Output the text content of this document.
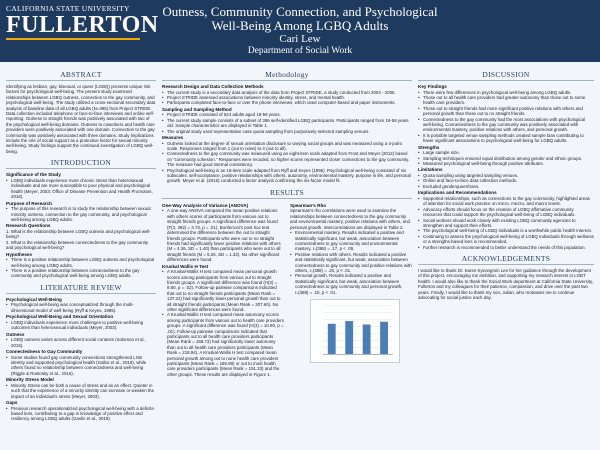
CALIFORNIA STATE UNIVERSITY
FULLERTON
Outness, Community Connection, and Psychological Well-Being Among LGBQ Adults
Cari Lew
Department of Social Work
ABSTRACT
Identifying as lesbian, gay, bisexual, or queer (LGBQ) presents unique risk factors for psychological well-being. The present study examined relationships between LGBQ outness, connection to the gay community, and psychological well-being. The study utilized a cross-sectional secondary data analysis of baseline data of all LGBQ adults (N=396) from Project STRIDE. Data collection included telephone or face-to-face interviews and online self-reporting. Outness to straight friends was positively associated with two of the psychological well-being domains. Outness to coworkers and health care providers were positively associated with one domain. Connection to the gay community was positively associated with three domains. Study implications include the role of social support as a protective factor for sexual minority well-being. Study findings support the continued investigation of LGBQ well-being.
INTRODUCTION
Significance of the Study
• LGBQ individuals experience more chronic stress than heterosexual individuals and are more susceptible to poor physical and psychological health (Meyer, 2003; Office of Disease Prevention and Health Promotion, 2016).
Purpose of Research
• The purpose of this research is to study the relationship between sexual minority outness, connection to the gay community, and psychological well-being among LGBQ adults.
Research Questions
1. What is the relationship between LGBQ outness and psychological well-being?
2. What is the relationship between connectedness to the gay community and psychological well-being?
Hypotheses
• There is a positive relationship between LGBQ outness and psychological well-being among LGBQ adults.
• There is a positive relationship between connectedness to the gay community and psychological well-being among LGBQ adults.
LITERATURE REVIEW
Psychological Well-Being
• Psychological well-being was conceptualized through the multi-dimensional model of well-being (Ryff & Keyes, 1995).
Psychological Well-Being and Sexual Orientation
• LGBQ individuals experience more challenges to positive well-being outcomes than heterosexual individuals (Meyer, 2003).
Outness
• LGBQ outness varies across different social contexts (Solomon et al., 2015).
Connectedness to Gay Community
• Some studies found gay community connections strengthened LGB identity and supported psychological health (Gallor et al., 2019), while others found no relationship between connectedness and well-being (Riggle & Rostosky et al., 2016).
Minority Stress Model
• Minority Stress can be both a cause of stress and as an effect. Quieter in such that the experience of a minority identity can increase or weaken the impact of an individual's stress (Meyer, 2003).
Gaps
• Previous research operationalized psychological well-being with a deficits-based lens, contributing to a gap in knowledge of positive effect and resiliency among LGBQ adults (Gaslin et al., 2019).
Methodology
Research Design and Data Collection Methods
• The current study is a secondary data analysis of the data from Project STRIDE, a study conducted from 2004 - 2005.
• Project STRIDE assessed associations between minority identity, stress, and mental health.
• Participants completed face-to-face or over the phone interviews, which used computer-based and paper instruments.
Sampling and Sampling Method
• Project STRIDE consisted of 524 adults aged 18-59 years.
• The current study sample consists of a subset of 396 self-identified LGBQ participants. Participants ranged from 18-58 years old. Sample characteristics are displayed in Table 1.
• The original study used representative case quota sampling from purposively-selected sampling venues.
Measures
• Outness looked at the degree of sexual orientation disclosure to varying social groups and was measured using a 4-point scale. Responses ranged from 1 (out to none) to 4 (out to all).
• Connectedness to the gay community was measured using an eight-item scale adapted from Frost and Meyer (2012) based on "community cohesion." Responses were recoded, so higher scores represented closer connections to the gay community. The measure had good internal consistency.
• Psychological well-being is an 18-item scale adapted from Ryff and Keyes (1995). Psychological well-being consisted of six subscales: self-acceptance, positive relationships with others, autonomy, environmental mastery, purpose in life, and personal growth. Meyer et al. (2016) conducted a factor analysis confirming the six-factor model fit.
RESULTS
One-Way Analysis of Variance (ANOVA)
• A one-way ANOVA compared the mean positive relations with others scores of participants from various out to straight friends groups. A significant difference was found (F(3, 392) = 3.73, p = .01). Bonferroni's post hoc test determined the difference between the out to straight friends groups. Participants who were out to no straight friends had significantly lower positive relations with others (M = 4.36, SD = 1.40) than participants who were out to all straight friends (M = 5.26, SD = 1.32). No other significant differences were found.
Kruskal Wallis H Test
• A Kruskal-Wallis H test compared mean personal growth scores among participants from various out to straight friends groups. A significant difference was found (H(3) = 9.80, p = .02). Follow-up pairwise comparisons indicated that out to no straight friends participants (Mean Rank = 137.22) had significantly lower personal growth than out to all straight friends participants (Mean Rank = 207.60). No other significant differences were found.
• A Kruskal-Wallis H test compared mean autonomy scores among participants from various out to health care providers groups. A significant difference was found (H(3) = 10.90, p = .01). Follow-up pairwise comparisons indicated that participants out to all health care providers participants (Mean Rank = 158.73) had significantly lower autonomy than out to all health care providers participants (Mean Rank = 218.94). A Kruskal-Wallis H test compared mean personal growth among out to none health care providers participants (Mean Rank = 186.99) or out to most health care providers participants (Mean Rank = 151.33) and the other groups. These results are displayed in Figure 1.
Spearman's Rho
Spearman's rho correlations were used to examine the relationships between connectedness to the gay community and environmental mastery, positive relations with others, and personal growth. Intercorrelations are displayed in Table 2.
• Environmental mastery. Results indicated a positive and statistically significant, but weak, association between connectedness to gay community and environmental mastery, rₛ(388) = .17, p < .05.
• Positive relations with others. Results indicated a positive and statistically significant, but weak, association between connectedness to gay community and positive relations with others, rₛ(388) = .20, p < .01.
• Personal growth. Results indicated a positive and statistically significant, but weak, association between connectedness to gay community and personal growth, rₛ(388) = .10, p < .01.
DISCUSSION
Key Findings
• There were few differences in psychological well-being among LGBQ adults.
• Those out to all health care providers had greater autonomy than those out to some health care providers.
• Those out to straight friends had more significant positive relations with others and personal growth than those out to no straight friends.
• Connectedness to the gay community had the most associations with psychological well-being. Connectedness to the gay community was positively associated with environmental mastery, positive relations with others, and personal growth.
• It is possible targeted venue sampling methods created sample bias contributing to fewer significant associations to psychological well-being for LGBQ adults.
Strengths
• Large sample size.
• Sampling techniques ensured equal distribution among gender and ethnic groups.
• Measured psychological well-being through positive attributes.
Limitations
• Quota sampling using targeted sampling venues.
• Online and face-to-face data collection methods.
• Excluded genderqueer/trans.
Implications and Recommendations
• Supported relationships, such as connections to the gay community, highlighted areas of attention for social work practice on micro, mezzo, and macro levels.
• Advocacy efforts should focus on the creation of LGBQ affirmative community resources that could support the psychological well-being of LGBQ individuals.
• Social workers should work closely with existing LGBQ community agencies to strengthen and support their efforts.
• The psychological well-being of LGBQ individuals is a worthwhile public health interest.
• Continuing to assess the psychological well-being of LGBQ individuals through wellness or a strengths-based lens is recommended.
• Further research is recommended to better understand the needs of this population.
ACKNOWLEDGEMENTS
I would like to thank Dr. Karen Kyeongmin Lee for her guidance through the development of this project, encouraging me ambition, and supporting my research interest in LGBT health. I would also like to thank the Social Work department at California State University, Fullerton and my colleagues for their patience, compassion, and drive over the past two years. Finally, I would like to thank my son, Julian, who motivates me to continue advocating for social justice each day.
